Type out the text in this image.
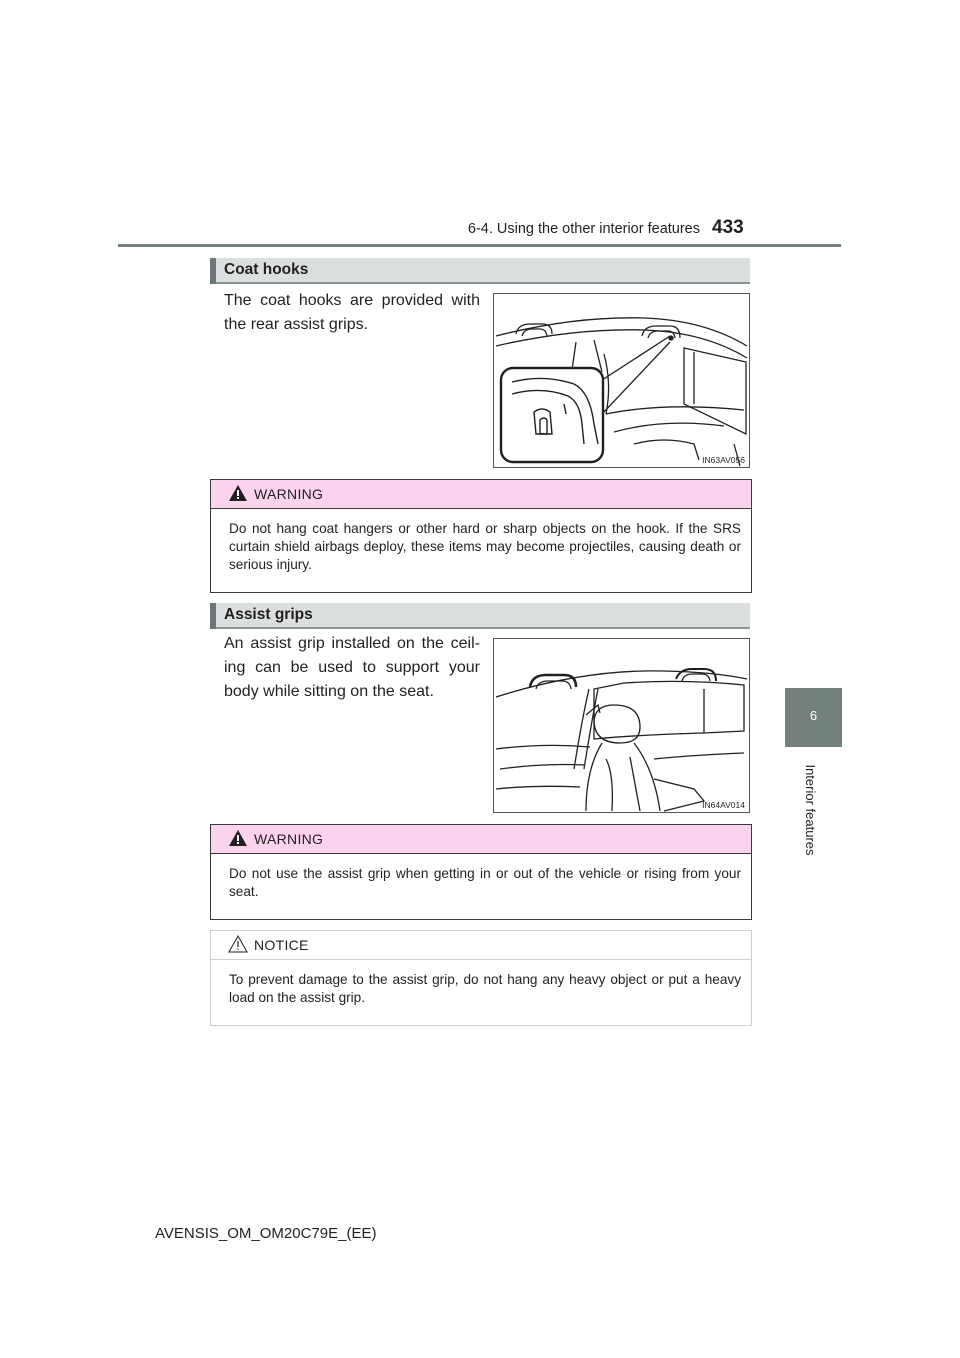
6-4. Using the other interior features 433
6
Interior features
Coat hooks
The coat hooks are provided with the rear assist grips.
IN63AV056
WARNING
Do not hang coat hangers or other hard or sharp objects on the hook. If the SRS curtain shield airbags deploy, these items may become projectiles, causing death or serious injury.
Assist grips
An assist grip installed on the ceil-ing can be used to support your body while sitting on the seat.
IN64AV014
WARNING
Do not use the assist grip when getting in or out of the vehicle or rising from your seat.
NOTICE
To prevent damage to the assist grip, do not hang any heavy object or put a heavy load on the assist grip.
AVENSIS_OM_OM20C79E_(EE)
